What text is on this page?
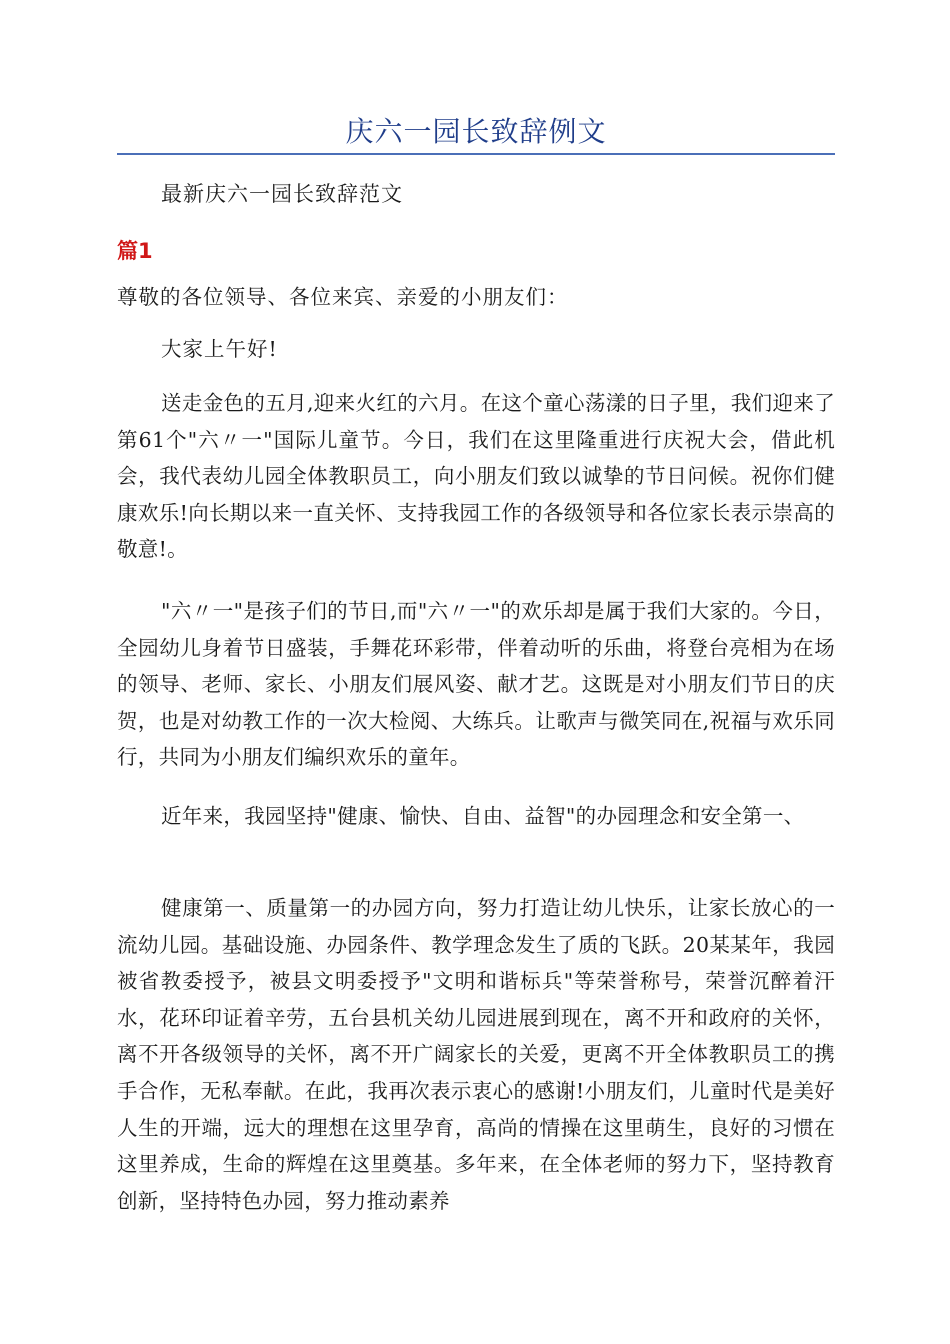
庆六一园长致辞例文
最新庆六一园长致辞范文
篇1
尊敬的各位领导、各位来宾、亲爱的小朋友们：
大家上午好!

送走金色的五月,迎来火红的六月。在这个童心荡漾的日子里，我们迎来了第61个"六〃一"国际儿童节。今日，我们在这里隆重进行庆祝大会，借此机会，我代表幼儿园全体教职员工，向小朋友们致以诚挚的节日问候。祝你们健康欢乐!向长期以来一直关怀、支持我园工作的各级领导和各位家长表示崇高的敬意!。

"六〃一"是孩子们的节日,而"六〃一"的欢乐却是属于我们大家的。今日，全园幼儿身着节日盛装，手舞花环彩带，伴着动听的乐曲，将登台亮相为在场的领导、老师、家长、小朋友们展风姿、献才艺。这既是对小朋友们节日的庆贺，也是对幼教工作的一次大检阅、大练兵。让歌声与微笑同在,祝福与欢乐同行，共同为小朋友们编织欢乐的童年。

近年来，我园坚持"健康、愉快、自由、益智"的办园理念和安全第一、

健康第一、质量第一的办园方向，努力打造让幼儿快乐，让家长放心的一流幼儿园。基础设施、办园条件、教学理念发生了质的飞跃。20某某年，我园被省教委授予，被县文明委授予"文明和谐标兵"等荣誉称号，荣誉沉醉着汗水，花环印证着辛劳，五台县机关幼儿园进展到现在，离不开和政府的关怀，离不开各级领导的关怀，离不开广阔家长的关爱，更离不开全体教职员工的携手合作，无私奉献。在此，我再次表示衷心的感谢!小朋友们，儿童时代是美好人生的开端，远大的理想在这里孕育，高尚的情操在这里萌生，良好的习惯在这里养成，生命的辉煌在这里奠基。多年来，在全体老师的努力下，坚持教育创新，坚持特色办园，努力推动素养
